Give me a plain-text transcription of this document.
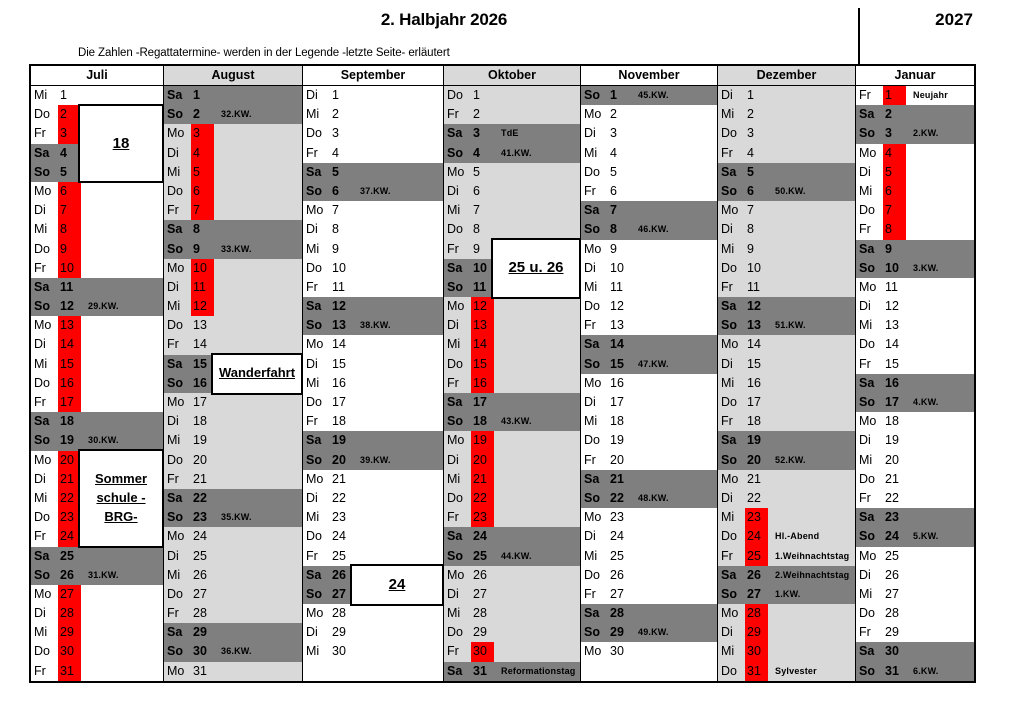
2. Halbjahr 2026	2027
Die Zahlen -Regattatermine- werden in der Legende -letzte Seite- erläutert
Juli
Mi	1
Do 2
Fr	3
Sa 4
So 5
Mo 6
Di	7
Mi	8
Do 9
Fr	10
Sa 11
So 12	29.KW.
Mo 13
Di	14
Mi	15
Do 16
Fr	17
Sa 18
So 19	30.KW.
Mo 20
Di	21
Mi	22
Do 23
Fr	24
Sa 25
So 26	31.KW.
Mo 27
Di	28
Mi	29
Do 30
Fr	31
18
Sommer
schule -
BRG-
August
Sa 1
So 2	32.KW.
Mo 3
Di	4
Mi	5
Do 6
Fr	7
Sa 8
So 9	33.KW.
Mo 10
Di	11
Mi	12
Do 13
Fr	14
Sa 15
So 16
Mo 17
Di	18
Mi	19
Do 20
Fr	21
Sa 22
So 23	35.KW.
Mo 24
Di	25
Mi	26
Do 27
Fr	28
Sa 29
So 30	36.KW.
Mo 31
Wanderfahrt
September
Di	1
Mi	2
Do 3
Fr	4
Sa 5
So 6	37.KW.
Mo 7
Di	8
Mi	9
Do 10
Fr	11
Sa 12
So 13	38.KW.
Mo 14
Di	15
Mi	16
Do 17
Fr	18
Sa 19
So 20	39.KW.
Mo 21
Di	22
Mi	23
Do 24
Fr	25
Sa 26
So 27
Mo 28
Di	29
Mi	30
24
Oktober
Do 1
Fr	2
Sa 3	TdE
So 4	41.KW.
Mo 5
Di	6
Mi	7
Do 8
Fr	9
Sa 10
So 11
Mo 12
Di	13
Mi	14
Do 15
Fr	16
Sa 17
So 18	43.KW.
Mo 19
Di	20
Mi	21
Do 22
Fr	23
Sa 24
So 25	44.KW.
Mo 26
Di	27
Mi	28
Do 29
Fr	30
Sa 31	Reformationstag
25 u. 26
November
So 1	45.KW.
Mo 2
Di	3
Mi	4
Do 5
Fr	6
Sa 7
So 8	46.KW.
Mo 9
Di	10
Mi	11
Do 12
Fr	13
Sa 14
So 15	47.KW.
Mo 16
Di	17
Mi	18
Do 19
Fr	20
Sa 21
So 22	48.KW.
Mo 23
Di	24
Mi	25
Do 26
Fr	27
Sa 28
So 29	49.KW.
Mo 30
Dezember
Di	1
Mi	2
Do 3
Fr	4
Sa 5
So 6	50.KW.
Mo 7
Di	8
Mi	9
Do 10
Fr	11
Sa 12
So 13	51.KW.
Mo 14
Di	15
Mi	16
Do 17
Fr	18
Sa 19
So 20	52.KW.
Mo 21
Di	22
Mi	23
Do 24	Hl.-Abend
Fr	25	1.Weihnachtstag
Sa 26	2.Weihnachtstag
So 27	1.KW.
Mo 28
Di	29
Mi	30
Do 31	Sylvester
Januar
Fr	1	Neujahr
Sa 2
So 3	2.KW.
Mo 4
Di	5
Mi	6
Do 7
Fr	8
Sa 9
So 10	3.KW.
Mo 11
Di	12
Mi	13
Do 14
Fr	15
Sa 16
So 17	4.KW.
Mo 18
Di	19
Mi	20
Do 21
Fr	22
Sa 23
So 24	5.KW.
Mo 25
Di	26
Mi	27
Do 28
Fr	29
Sa 30
So 31	6.KW.
